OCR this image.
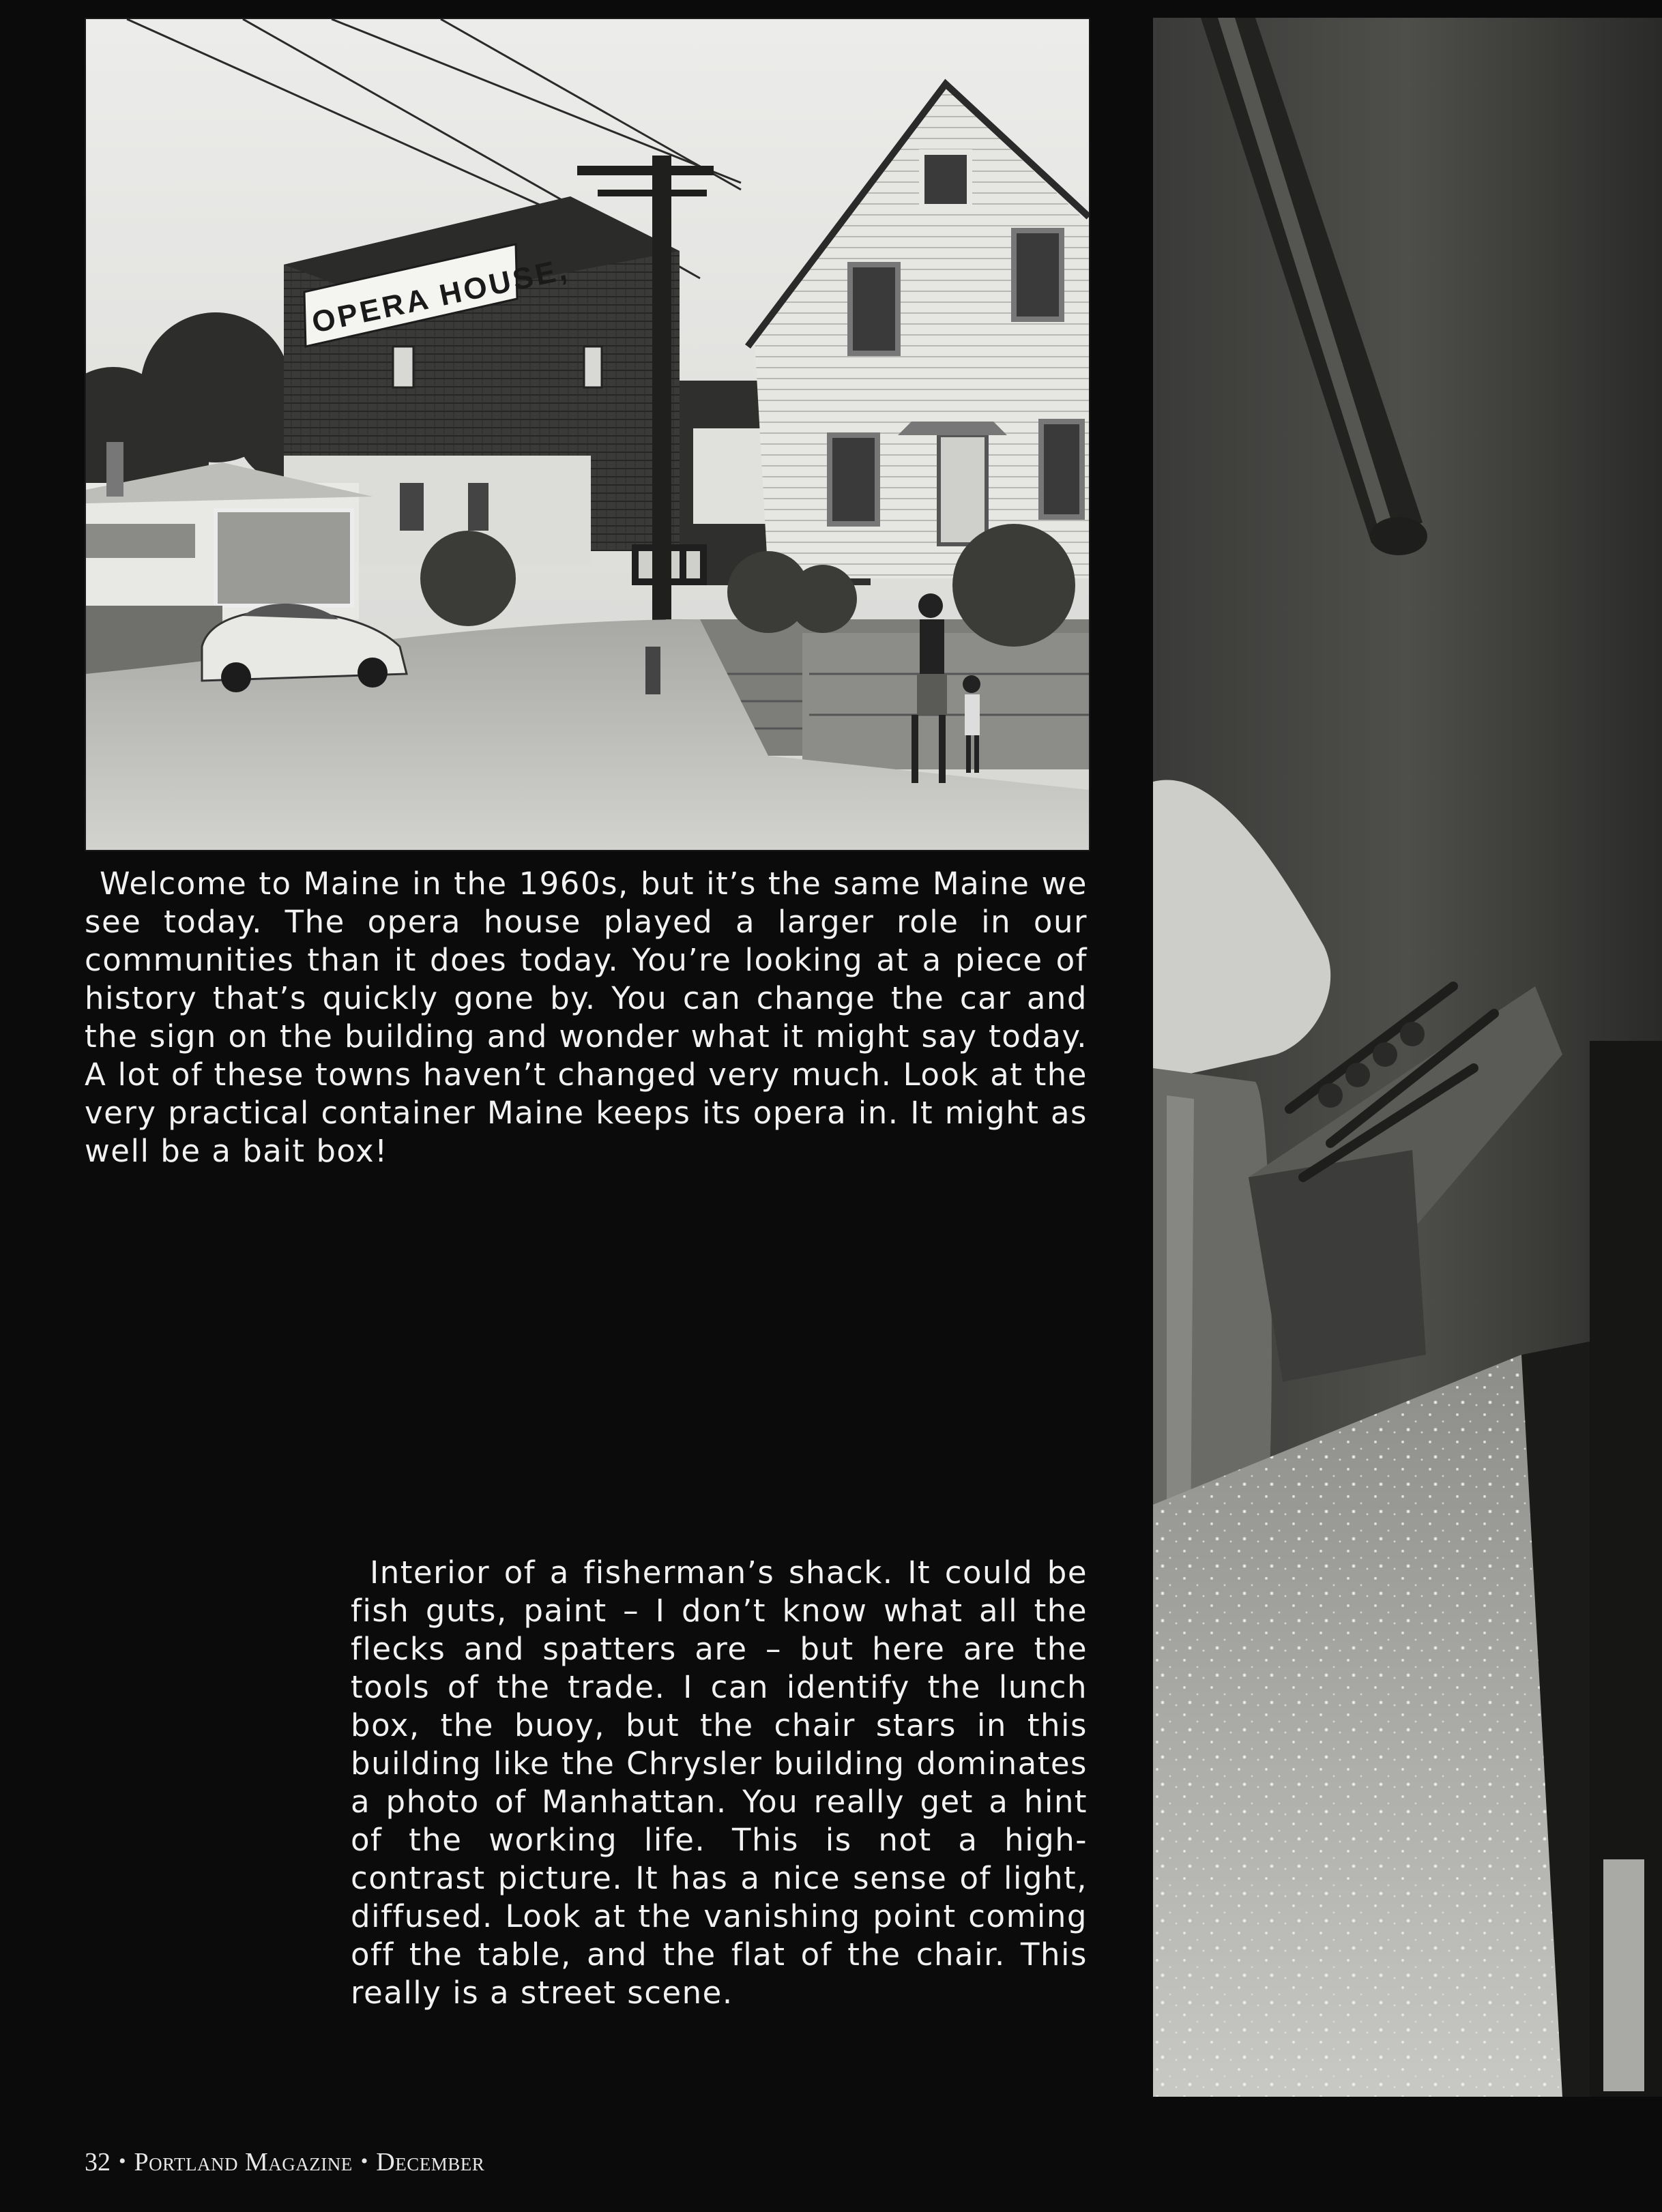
OPERA HOUSE,

Welcome to Maine in the 1960s, but it’s the same Maine we see today. The opera house played a larger role in our communities than it does today. You’re looking at a piece of history that’s quickly gone by. You can change the car and the sign on the building and wonder what it might say today. A lot of these towns haven’t changed very much. Look at the very practical container Maine keeps its opera in. It might as well be a bait box!

Interior of a fisherman’s shack. It could be fish guts, paint – I don’t know what all the flecks and spatters are – but here are the tools of the trade. I can identify the lunch box, the buoy, but the chair stars in this building like the Chrysler building dominates a photo of Manhattan. You really get a hint of the working life. This is not a high-contrast picture. It has a nice sense of light, diffused. Look at the vanishing point coming off the table, and the flat of the chair. This really is a street scene.

32 • Portland Magazine • December
